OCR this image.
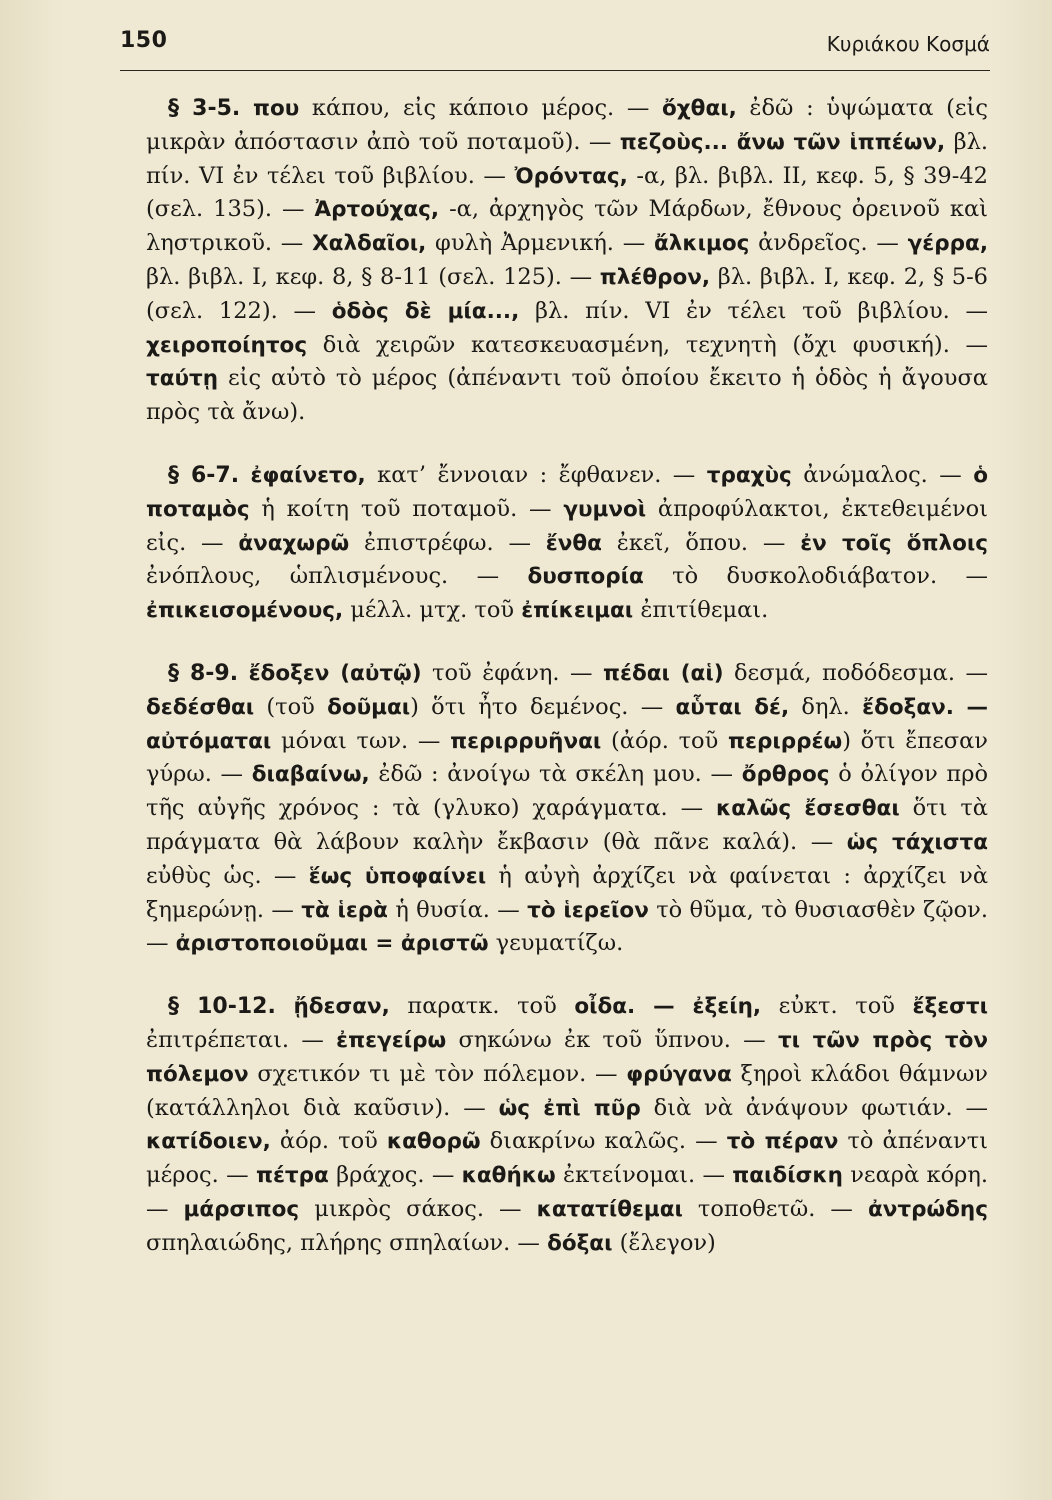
150	Κυριάκου Κοσμά

§ 3-5. που κάπου, εἰς κάποιο μέρος. — ὄχθαι, ἐδῶ : ὑψώματα (εἰς μικρὰν ἀπόστασιν ἀπὸ τοῦ ποταμοῦ). — πεζοὺς... ἄνω τῶν ἱππέων, βλ. πίν. VI ἐν τέλει τοῦ βιβλίου. — Ὀρόντας, -α, βλ. βιβλ. II, κεφ. 5, § 39-42 (σελ. 135). — Ἀρτούχας, -α, ἀρχηγὸς τῶν Μάρδων, ἔθνους ὀρεινοῦ καὶ ληστρικοῦ. — Χαλδαῖοι, φυλὴ Ἀρμενική. — ἄλκιμος ἀνδρεῖος. — γέρρα, βλ. βιβλ. I, κεφ. 8, § 8-11 (σελ. 125). — πλέθρον, βλ. βιβλ. I, κεφ. 2, § 5-6 (σελ. 122). — ὁδὸς δὲ μία..., βλ. πίν. VI ἐν τέλει τοῦ βιβλίου. — χειροποίητος διὰ χειρῶν κατεσκευασμένη, τεχνητὴ (ὄχι φυσική). — ταύτῃ εἰς αὐτὸ τὸ μέρος (ἀπέναντι τοῦ ὁποίου ἔκειτο ἡ ὁδὸς ἡ ἄγουσα πρὸς τὰ ἄνω).

§ 6-7. ἐφαίνετο, κατ’ ἔννοιαν : ἔφθανεν. — τραχὺς ἀνώμαλος. — ὁ ποταμὸς ἡ κοίτη τοῦ ποταμοῦ. — γυμνοὶ ἀπροφύλακτοι, ἐκτεθειμένοι εἰς. — ἀναχωρῶ ἐπιστρέφω. — ἔνθα ἐκεῖ, ὅπου. — ἐν τοῖς ὅπλοις ἐνόπλους, ὡπλισμένους. — δυσπορία τὸ δυσκολοδιάβατον. — ἐπικεισομένους, μέλλ. μτχ. τοῦ ἐπίκειμαι ἐπιτίθεμαι.

§ 8-9. ἔδοξεν (αὐτῷ) τοῦ ἐφάνη. — πέδαι (αἱ) δεσμά, ποδόδεσμα. — δεδέσθαι (τοῦ δοῦμαι) ὅτι ἦτο δεμένος. — αὗται δέ, δηλ. ἔδοξαν. — αὐτόμαται μόναι των. — περιρρυῆναι (ἀόρ. τοῦ περιρρέω) ὅτι ἔπεσαν γύρω. — διαβαίνω, ἐδῶ : ἀνοίγω τὰ σκέλη μου. — ὄρθρος ὁ ὀλίγον πρὸ τῆς αὐγῆς χρόνος : τὰ (γλυκο) χαράγματα. — καλῶς ἔσεσθαι ὅτι τὰ πράγματα θὰ λάβουν καλὴν ἔκβασιν (θὰ πᾶνε καλά). — ὡς τάχιστα εὐθὺς ὡς. — ἕως ὑποφαίνει ἡ αὐγὴ ἀρχίζει νὰ φαίνεται : ἀρχίζει νὰ ξημερώνῃ. — τὰ ἱερὰ ἡ θυσία. — τὸ ἱερεῖον τὸ θῦμα, τὸ θυσιασθὲν ζῷον. — ἀριστοποιοῦμαι = ἀριστῶ γευματίζω.

§ 10-12. ᾔδεσαν, παρατκ. τοῦ οἶδα. — ἐξείη, εὐκτ. τοῦ ἔξεστι ἐπιτρέπεται. — ἐπεγείρω σηκώνω ἐκ τοῦ ὕπνου. — τι τῶν πρὸς τὸν πόλεμον σχετικόν τι μὲ τὸν πόλεμον. — φρύγανα ξηροὶ κλάδοι θάμνων (κατάλληλοι διὰ καῦσιν). — ὡς ἐπὶ πῦρ διὰ νὰ ἀνάψουν φωτιάν. — κατίδοιεν, ἀόρ. τοῦ καθορῶ διακρίνω καλῶς. — τὸ πέραν τὸ ἀπέναντι μέρος. — πέτρα βράχος. — καθήκω ἐκτείνομαι. — παιδίσκη νεαρὰ κόρη. — μάρσιπος μικρὸς σάκος. — κατατίθεμαι τοποθετῶ. — ἀντρώδης σπηλαιώδης, πλήρης σπηλαίων. — δόξαι (ἔλεγον)
